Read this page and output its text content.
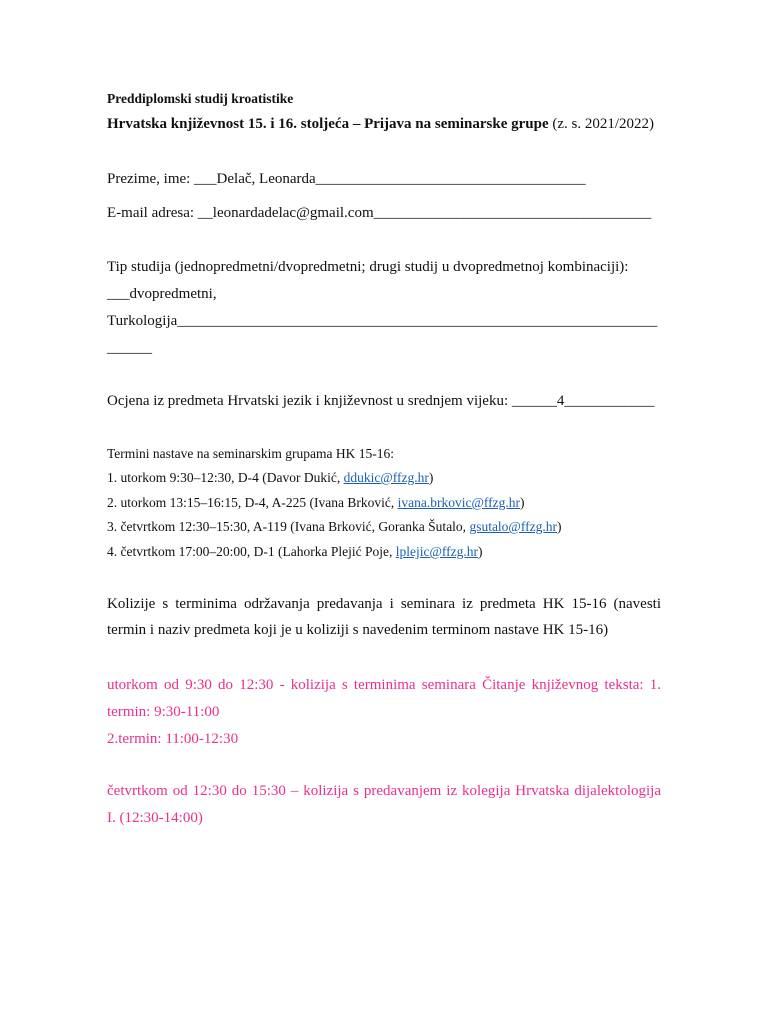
Preddiplomski studij kroatistike
Hrvatska književnost 15. i 16. stoljeća – Prijava na seminarske grupe (z. s. 2021/2022)
Prezime, ime: ___Delač, Leonarda____________________________________
E-mail adresa: __leonardadelac@gmail.com_____________________________________
Tip studija (jednopredmetni/dvopredmetni; drugi studij u dvopredmetnoj kombinaciji):
___dvopredmetni,
Turkologija________________________________________________________________
______
Ocjena iz predmeta Hrvatski jezik i književnost u srednjem vijeku: ______4____________
Termini nastave na seminarskim grupama HK 15-16:
1. utorkom 9:30–12:30, D-4 (Davor Dukić, ddukic@ffzg.hr)
2. utorkom 13:15–16:15, D-4, A-225 (Ivana Brković, ivana.brkovic@ffzg.hr)
3. četvrtkom 12:30–15:30, A-119 (Ivana Brković, Goranka Šutalo, gsutalo@ffzg.hr)
4. četvrtkom 17:00–20:00, D-1 (Lahorka Plejić Poje, lplejic@ffzg.hr)
Kolizije s terminima održavanja predavanja i seminara iz predmeta HK 15-16 (navesti
termin i naziv predmeta koji je u koliziji s navedenim terminom nastave HK 15-16)
utorkom od 9:30 do 12:30 - kolizija s terminima seminara Čitanje književnog teksta: 1.
termin: 9:30-11:00
2.termin: 11:00-12:30
četvrtkom od 12:30 do 15:30 – kolizija s predavanjem iz kolegija Hrvatska dijalektologija
I. (12:30-14:00)
